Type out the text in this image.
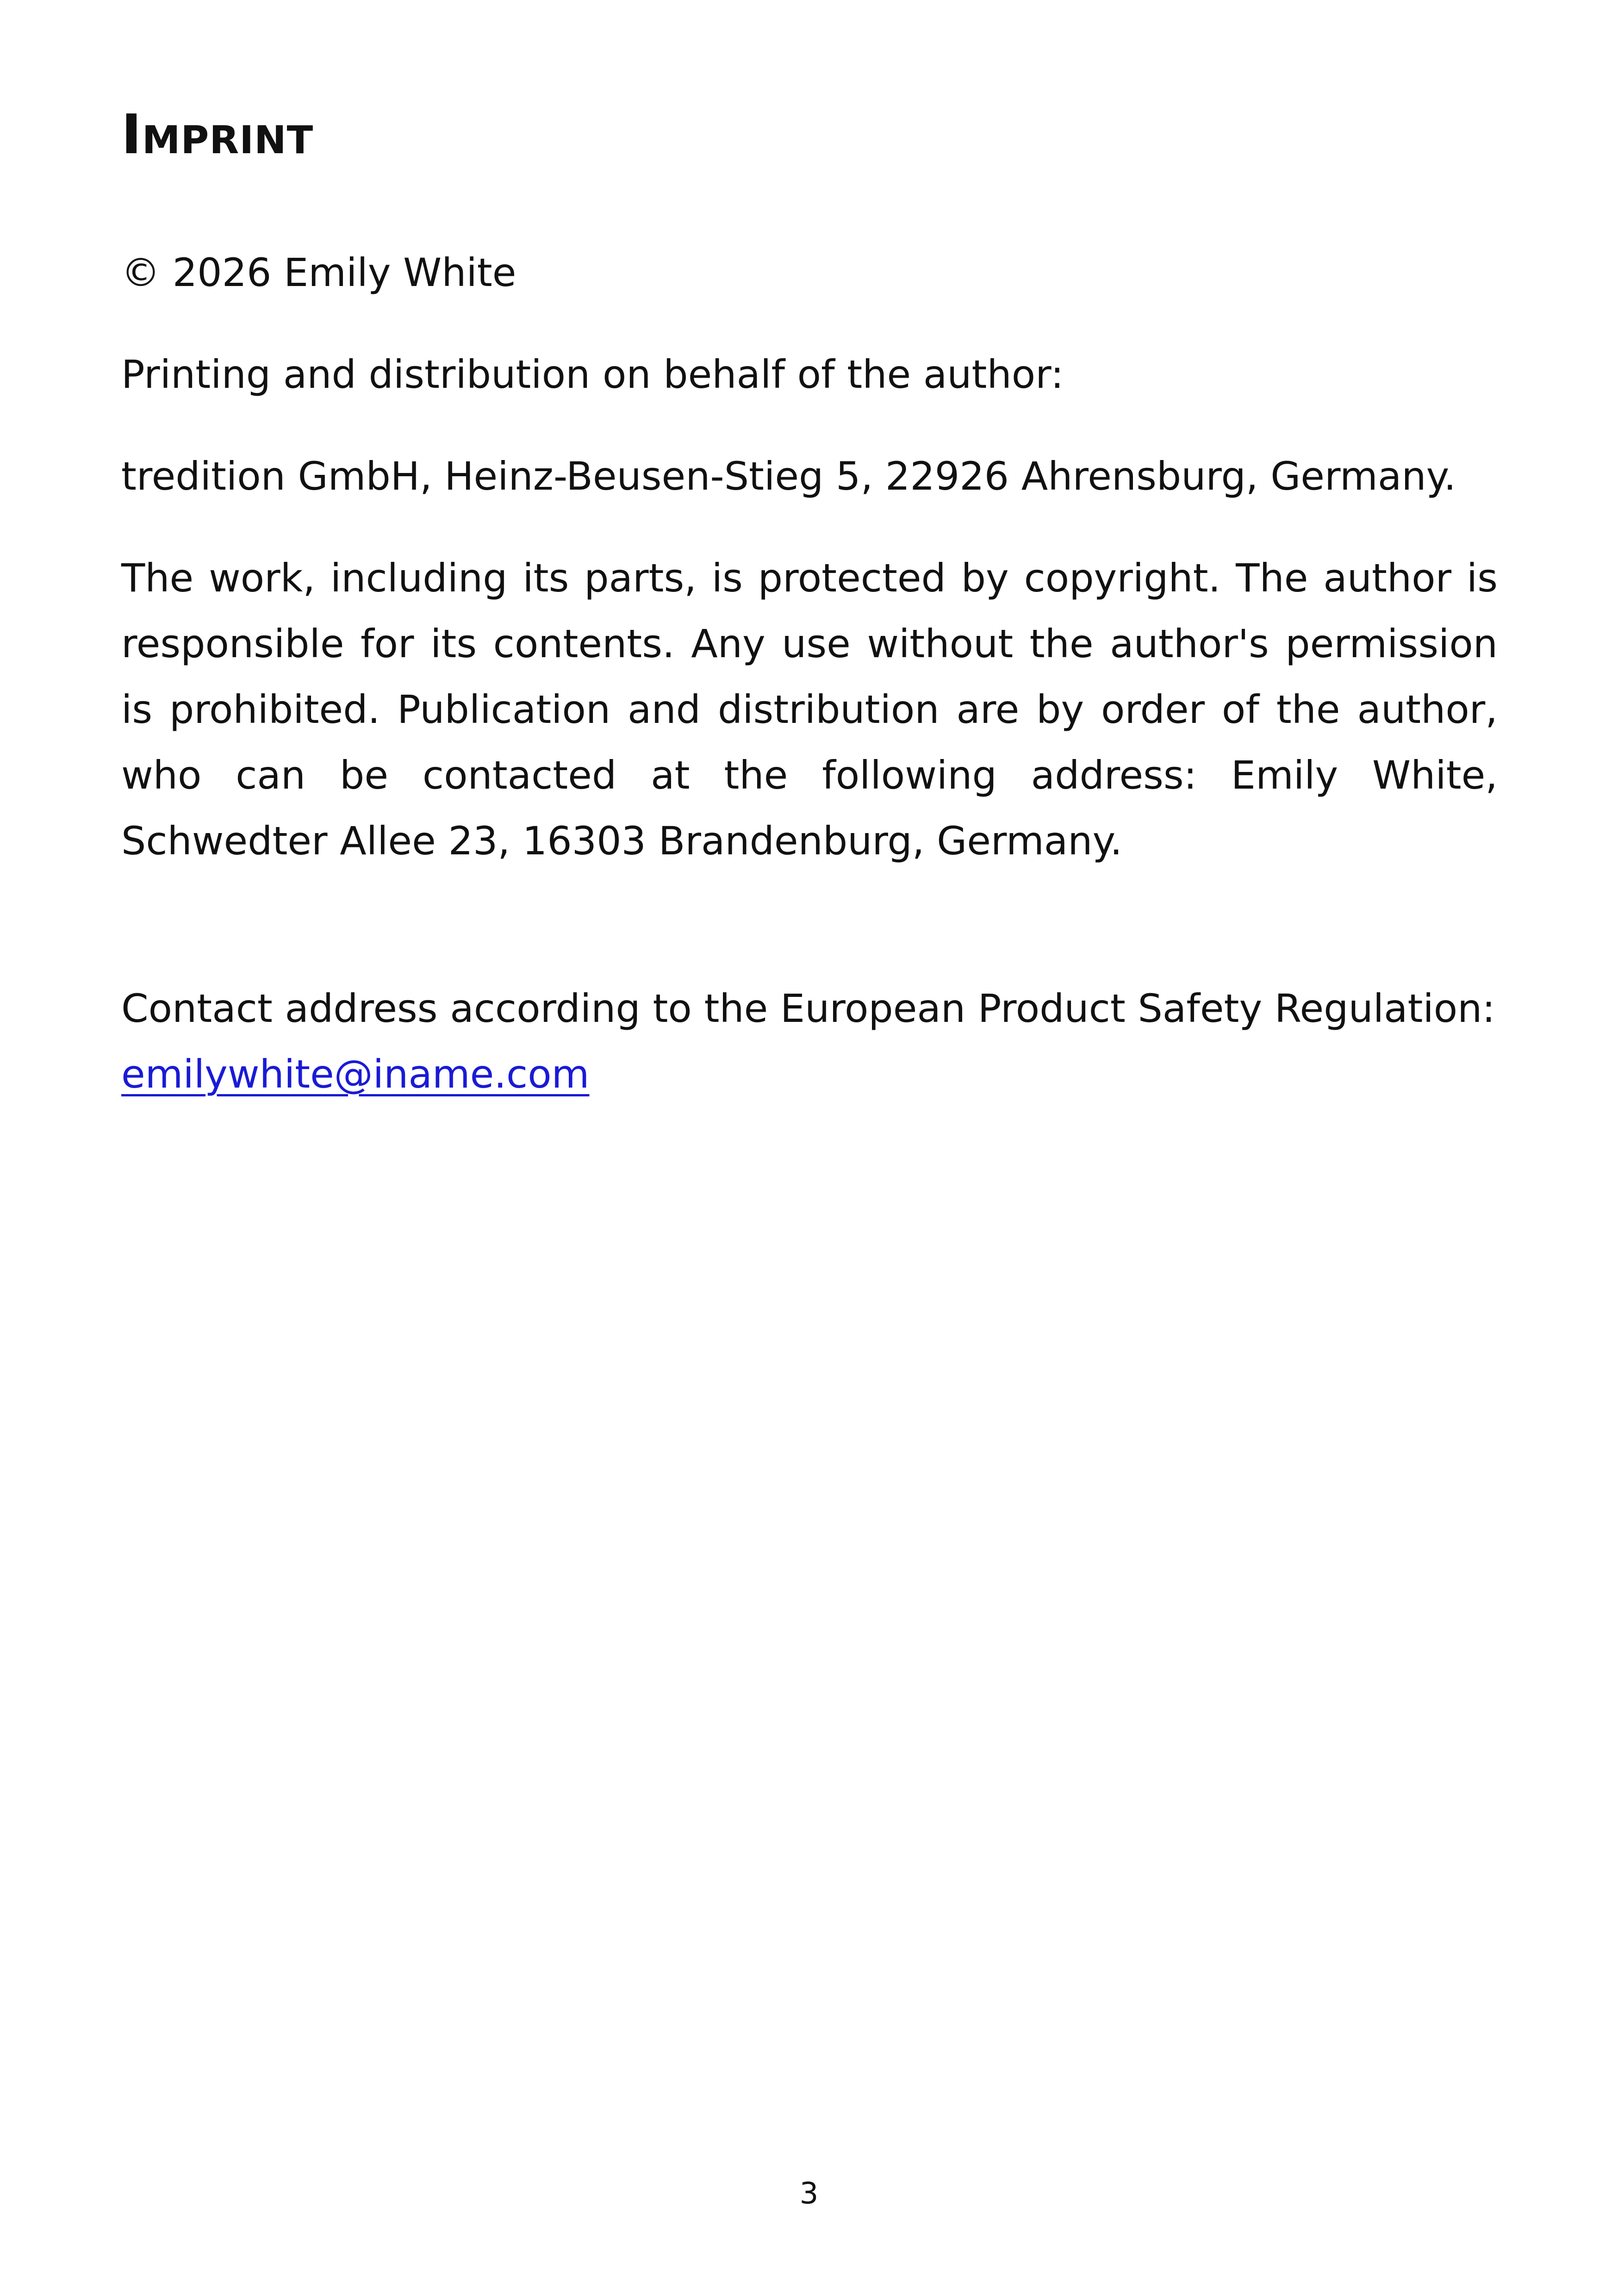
Imprint

© 2026 Emily White

Printing and distribution on behalf of the author:

tredition GmbH, Heinz-Beusen-Stieg 5, 22926 Ahrensburg, Germany.

The work, including its parts, is protected by copyright. The author is responsible for its contents. Any use without the author's permission is prohibited. Publication and distribution are by order of the author, who can be contacted at the following address: Emily White, Schwedter Allee 23, 16303 Brandenburg, Germany.

Contact address according to the European Product Safety Regulation:

emilywhite@iname.com

3
